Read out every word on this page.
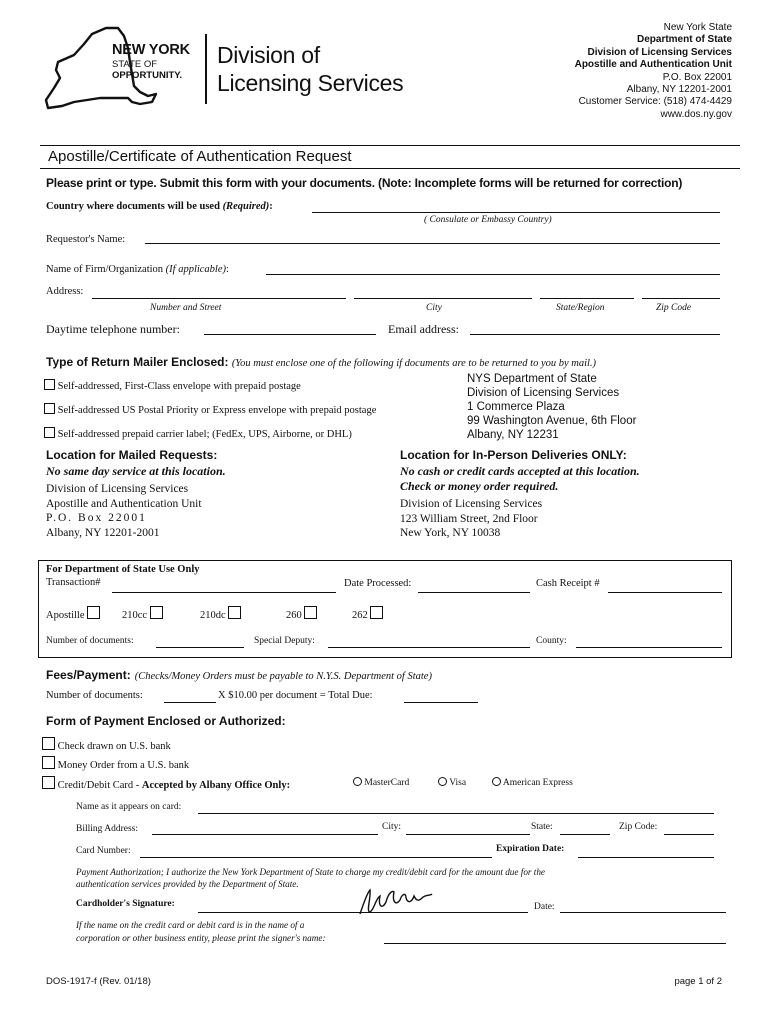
NEW YORK
STATE OF
OPPORTUNITY.
Division of
Licensing Services
New York State
Department of State
Division of Licensing Services
Apostille and Authentication Unit
P.O. Box 22001
Albany, NY 12201-2001
Customer Service: (518) 474-4429
www.dos.ny.gov
Apostille/Certificate of Authentication Request
Please print or type. Submit this form with your documents. (Note: Incomplete forms will be returned for correction)
Country where documents will be used (Required):
( Consulate or Embassy Country)
Requestor's Name:
Name of Firm/Organization (If applicable):
Address:
Number and Street	City	State/Region	Zip Code
Daytime telephone number:	Email address:
Type of Return Mailer Enclosed: (You must enclose one of the following if documents are to be returned to you by mail.)
Self-addressed, First-Class envelope with prepaid postage
Self-addressed US Postal Priority or Express envelope with prepaid postage
Self-addressed prepaid carrier label; (FedEx, UPS, Airborne, or DHL)
NYS Department of State
Division of Licensing Services
1 Commerce Plaza
99 Washington Avenue, 6th Floor
Albany, NY 12231
Location for Mailed Requests:
No same day service at this location.
Division of Licensing Services
Apostille and Authentication Unit
P.O. Box 22001
Albany, NY 12201-2001
Location for In-Person Deliveries ONLY:
No cash or credit cards accepted at this location.
Check or money order required.
Division of Licensing Services
123 William Street, 2nd Floor
New York, NY 10038
For Department of State Use Only
Transaction#	Date Processed:	Cash Receipt #
Apostille	210cc	210dc	260	262
Number of documents:	Special Deputy:	County:
Fees/Payment: (Checks/Money Orders must be payable to N.Y.S. Department of State)
Number of documents:	X $10.00 per document = Total Due:
Form of Payment Enclosed or Authorized:
Check drawn on U.S. bank
Money Order from a U.S. bank
Credit/Debit Card - Accepted by Albany Office Only:	MasterCard	Visa	American Express
Name as it appears on card:
Billing Address:	City:	State:	Zip Code:
Card Number:	Expiration Date:
Payment Authorization; I authorize the New York Department of State to charge my credit/debit card for the amount due for the
authentication services provided by the Department of State.
Cardholder's Signature:	Date:
If the name on the credit card or debit card is in the name of a
corporation or other business entity, please print the signer's name:
DOS-1917-f (Rev. 01/18)	page 1 of 2
